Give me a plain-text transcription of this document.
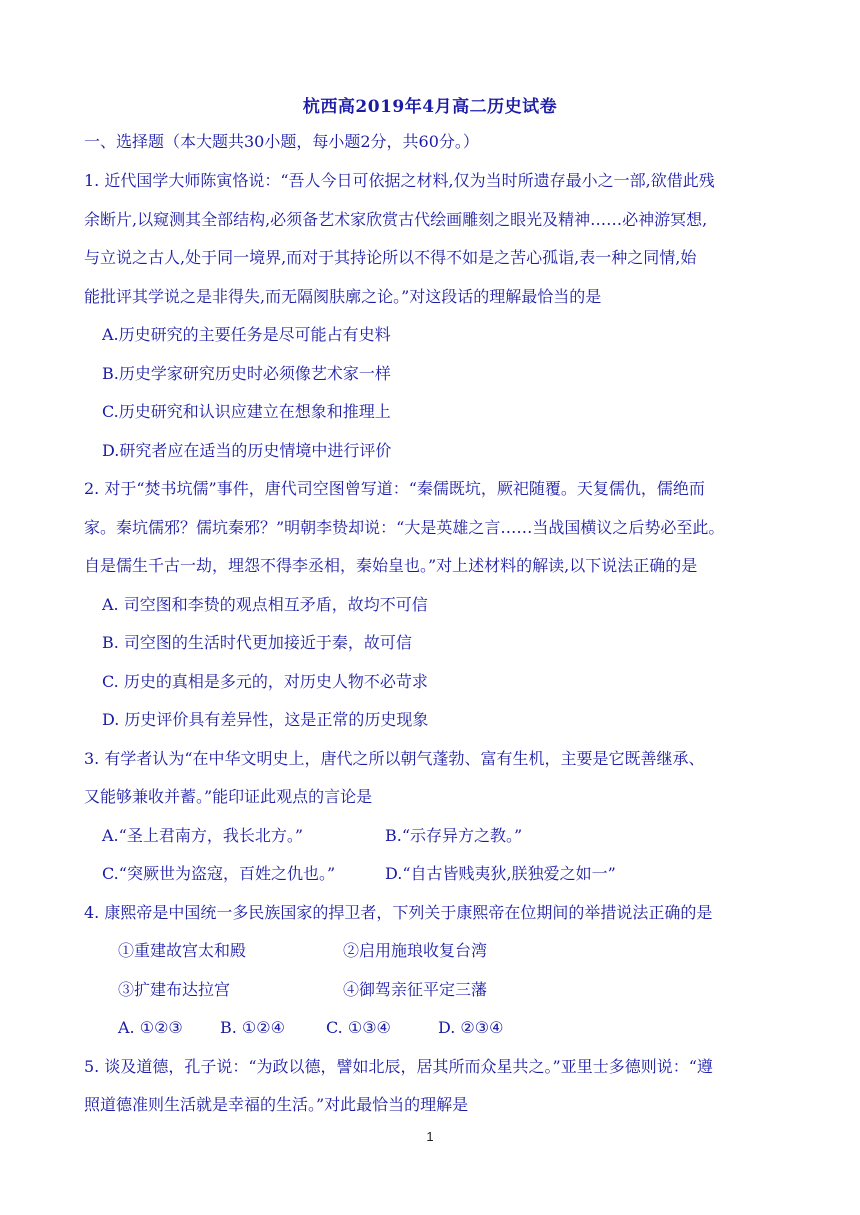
杭西高2019年4月高二历史试卷
一、选择题（本大题共30小题，每小题2分，共60分。）
1. 近代国学大师陈寅恪说：“吾人今日可依据之材料,仅为当时所遗存最小之一部,欲借此残
余断片,以窥测其全部结构,必须备艺术家欣赏古代绘画雕刻之眼光及精神……必神游冥想,
与立说之古人,处于同一境界,而对于其持论所以不得不如是之苦心孤诣,表一种之同情,始
能批评其学说之是非得失,而无隔阂肤廓之论。”对这段话的理解最恰当的是
A.历史研究的主要任务是尽可能占有史料
B.历史学家研究历史时必须像艺术家一样
C.历史研究和认识应建立在想象和推理上
D.研究者应在适当的历史情境中进行评价
2. 对于“焚书坑儒”事件，唐代司空图曾写道：“秦儒既坑，厥祀随覆。天复儒仇，儒绝而
家。秦坑儒邪？儒坑秦邪？”明朝李贽却说：“大是英雄之言……当战国横议之后势必至此。
自是儒生千古一劫，埋怨不得李丞相，秦始皇也。”对上述材料的解读,以下说法正确的是
A. 司空图和李贽的观点相互矛盾，故均不可信
B. 司空图的生活时代更加接近于秦，故可信
C. 历史的真相是多元的，对历史人物不必苛求
D. 历史评价具有差异性，这是正常的历史现象
3. 有学者认为“在中华文明史上，唐代之所以朝气蓬勃、富有生机，主要是它既善继承、
又能够兼收并蓄。”能印证此观点的言论是
A.“圣上君南方，我长北方。”	B.“示存异方之教。”
C.“突厥世为盗寇，百姓之仇也。”	D.“自古皆贱夷狄,朕独爱之如一”
4. 康熙帝是中国统一多民族国家的捍卫者，下列关于康熙帝在位期间的举措说法正确的是
①重建故宫太和殿	②启用施琅收复台湾
③扩建布达拉宫	④御驾亲征平定三藩
A. ①②③	B. ①②④	C. ①③④	D. ②③④
5. 谈及道德，孔子说：“为政以德，譬如北辰，居其所而众星共之。”亚里士多德则说：“遵
照道德准则生活就是幸福的生活。”对此最恰当的理解是
1
